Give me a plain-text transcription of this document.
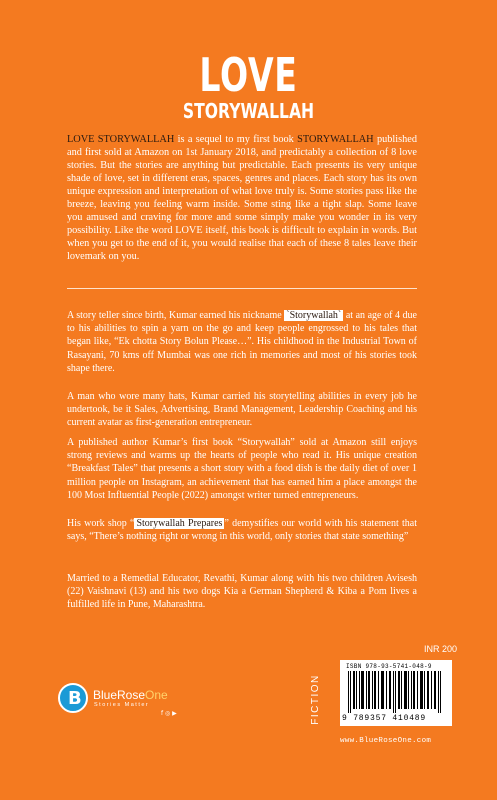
LOVE
STORYWALLAH
LOVE STORYWALLAH is a sequel to my first book STORYWALLAH published and first sold at Amazon on 1st January 2018, and predictably a collection of 8 love stories. But the stories are anything but predictable. Each presents its very unique shade of love, set in different eras, spaces, genres and places. Each story has its own unique expression and interpretation of what love truly is. Some stories pass like the breeze, leaving you feeling warm inside. Some sting like a tight slap. Some leave you amused and craving for more and some simply make you wonder in its very possibility. Like the word LOVE itself, this book is difficult to explain in words. But when you get to the end of it, you would realise that each of these 8 tales leave their lovemark on you.
A story teller since birth, Kumar earned his nickname `Storywallah` at an age of 4 due to his abilities to spin a yarn on the go and keep people engrossed to his tales that began like, “Ek chotta Story Bolun Please…”. His childhood in the Industrial Town of Rasayani, 70 kms off Mumbai was one rich in memories and most of his stories took shape there.
A man who wore many hats, Kumar carried his storytelling abilities in every job he undertook, be it Sales, Advertising, Brand Management, Leadership Coaching and his current avatar as first-generation entrepreneur.
A published author Kumar’s first book “Storywallah” sold at Amazon still enjoys strong reviews and warms up the hearts of people who read it. His unique creation “Breakfast Tales” that presents a short story with a food dish is the daily diet of over 1 million people on Instagram, an achievement that has earned him a place amongst the 100 Most Influential People (2022) amongst writer turned entrepreneurs.
His work shop “ Storywallah Prepares ” demystifies our world with his statement that says, “There’s nothing right or wrong in this world, only stories that state something”
Married to a Remedial Educator, Revathi, Kumar along with his two children Avisesh (22) Vaishnavi (13) and his two dogs Kia a German Shepherd & Kiba a Pom lives a fulfilled life in Pune, Maharashtra.
INR 200
FICTION
ISBN 978-93-5741-048-9
9 789357 410489
www.BlueRoseOne.com
B BlueRoseOne
Stories Matter
f ◎ ▶
